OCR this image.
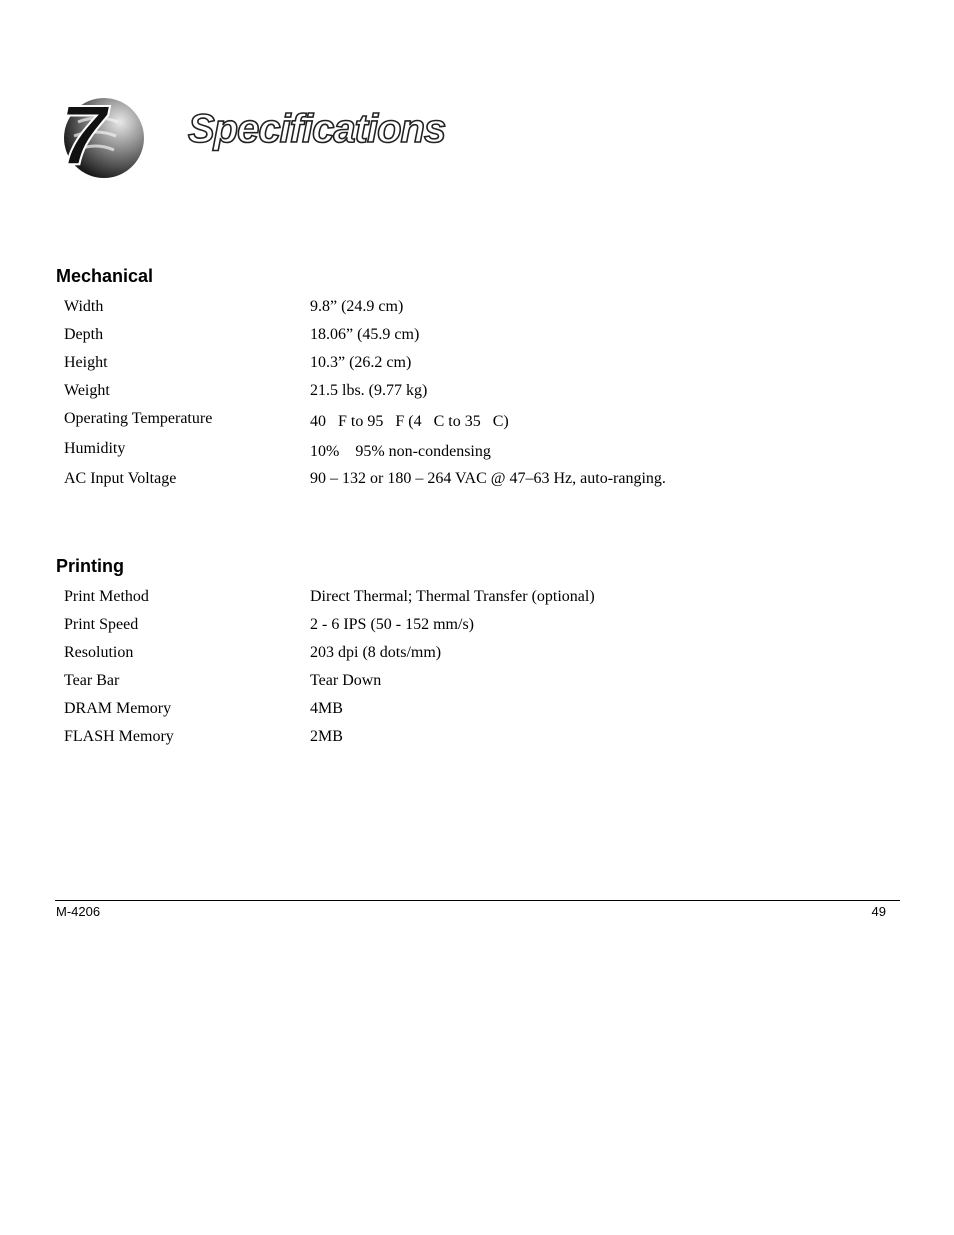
7 Specifications
Mechanical
Width	9.8” (24.9 cm)
Depth	18.06” (45.9 cm)
Height	10.3” (26.2 cm)
Weight	21.5 lbs. (9.77 kg)
Operating Temperature	40   F to 95   F (4   C to 35   C)
Humidity	10%    95% non-condensing
AC Input Voltage	90 – 132 or 180 – 264 VAC @ 47–63 Hz, auto-ranging.
Printing
Print Method	Direct Thermal; Thermal Transfer (optional)
Print Speed	2 - 6 IPS (50 - 152 mm/s)
Resolution	203 dpi (8 dots/mm)
Tear Bar	Tear Down
DRAM Memory	4MB
FLASH Memory	2MB
M-4206	49
